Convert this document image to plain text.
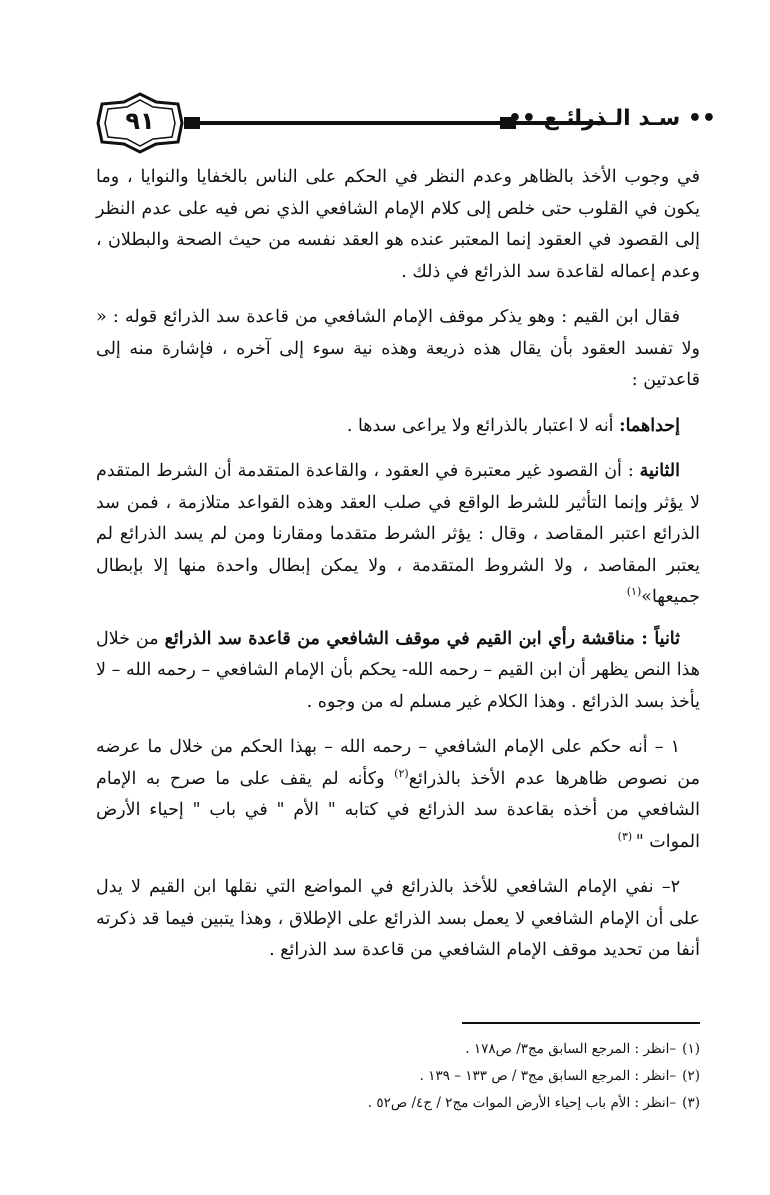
٩١	•• سـد الـذرائـع ••

في وجوب الأخذ بالظاهر وعدم النظر في الحكم على الناس بالخفايا والنوايا ، وما يكون في القلوب حتى خلص إلى كلام الإمام الشافعي الذي نص فيه على عدم النظر إلى القصود في العقود إنما المعتبر عنده هو العقد نفسه من حيث الصحة والبطلان ، وعدم إعماله لقاعدة سد الذرائع في ذلك .

فقال ابن القيم : وهو يذكر موقف الإمام الشافعي من قاعدة سد الذرائع قوله : « ولا تفسد العقود بأن يقال هذه ذريعة وهذه نية سوء إلى آخره ، فإشارة منه إلى قاعدتين :

إحداهما: أنه لا اعتبار بالذرائع ولا يراعى سدها .

الثانية : أن القصود غير معتبرة في العقود ، والقاعدة المتقدمة أن الشرط المتقدم لا يؤثر وإنما التأثير للشرط الواقع في صلب العقد وهذه القواعد متلازمة ، فمن سد الذرائع اعتبر المقاصد ، وقال : يؤثر الشرط متقدما ومقارنا ومن لم يسد الذرائع لم يعتبر المقاصد ، ولا الشروط المتقدمة ، ولا يمكن إبطال واحدة منها إلا بإبطال جميعها»$^{(١)}$

ثانياً : مناقشة رأي ابن القيم في موقف الشافعي من قاعدة سد الذرائع من خلال هذا النص يظهر أن ابن القيم – رحمه الله- يحكم بأن الإمام الشافعي – رحمه الله – لا يأخذ بسد الذرائع . وهذا الكلام غير مسلم له من وجوه .

١ – أنه حكم على الإمام الشافعي – رحمه الله – بهذا الحكم من خلال ما عرضه من نصوص ظاهرها عدم الأخذ بالذرائع$^{(٢)}$ وكأنه لم يقف على ما صرح به الإمام الشافعي من أخذه بقاعدة سد الذرائع في كتابه " الأم " في باب " إحياء الأرض الموات " $^{(٣)}$

٢– نفي الإمام الشافعي للأخذ بالذرائع في المواضع التي نقلها ابن القيم لا يدل على أن الإمام الشافعي لا يعمل بسد الذرائع على الإطلاق ، وهذا يتبين فيما قد ذكرته أنفا من تحديد موقف الإمام الشافعي من قاعدة سد الذرائع .

(١)–انظر : المرجع السابق مج٣/ ص١٧٨ .

(٢)–انظر : المرجع السابق مج٣ / ص ١٣٣ – ١٣٩ .

(٣)–انظر : الأم باب إحياء الأرض الموات مج٢ / ج٤/ ص٥٢ .
